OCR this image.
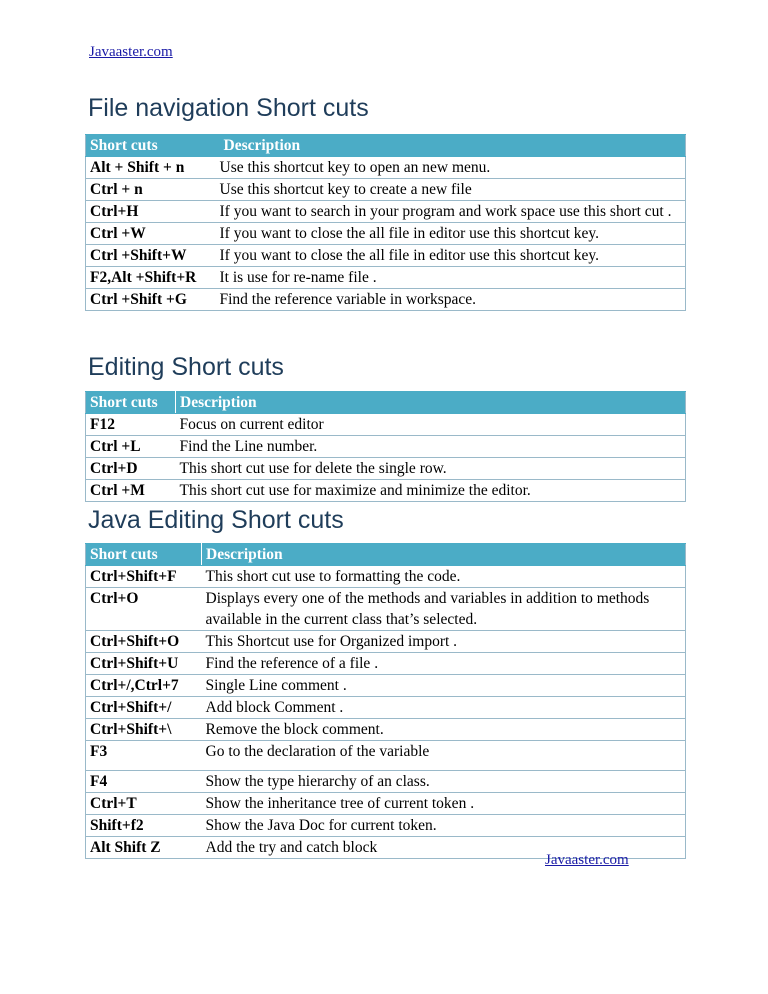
Javaaster.com
File navigation Short cuts
Short cuts	Description
Alt + Shift + n	Use this shortcut key to open an new menu.
Ctrl + n	Use this shortcut key to create a new file
Ctrl+H	If you want to search in your program and work space use this short cut .
Ctrl +W	If you want to close the all file in editor use this shortcut key.
Ctrl +Shift+W	If you want to close the all file in editor use this shortcut key.
F2,Alt +Shift+R	It is use for re-name file .
Ctrl +Shift +G	Find the reference variable in workspace.
Editing Short cuts
Short cuts	Description
F12	Focus on current editor
Ctrl +L	Find the Line number.
Ctrl+D	This short cut use for delete the single row.
Ctrl +M	This short cut use for maximize and minimize the editor.
Java Editing Short cuts
Short cuts	Description
Ctrl+Shift+F	This short cut use to formatting the code.
Ctrl+O	Displays every one of the methods and variables in addition to methods available in the current class that’s selected.
Ctrl+Shift+O	This Shortcut use for Organized import .
Ctrl+Shift+U	Find the reference of a file .
Ctrl+/,Ctrl+7	Single Line comment .
Ctrl+Shift+/	Add block Comment .
Ctrl+Shift+\	Remove the block comment.
F3	Go to the declaration of the variable
F4	Show the type hierarchy of an class.
Ctrl+T	Show the inheritance tree of current token .
Shift+f2	Show the Java Doc for current token.
Alt Shift Z	Add the try and catch block
Javaaster.com
